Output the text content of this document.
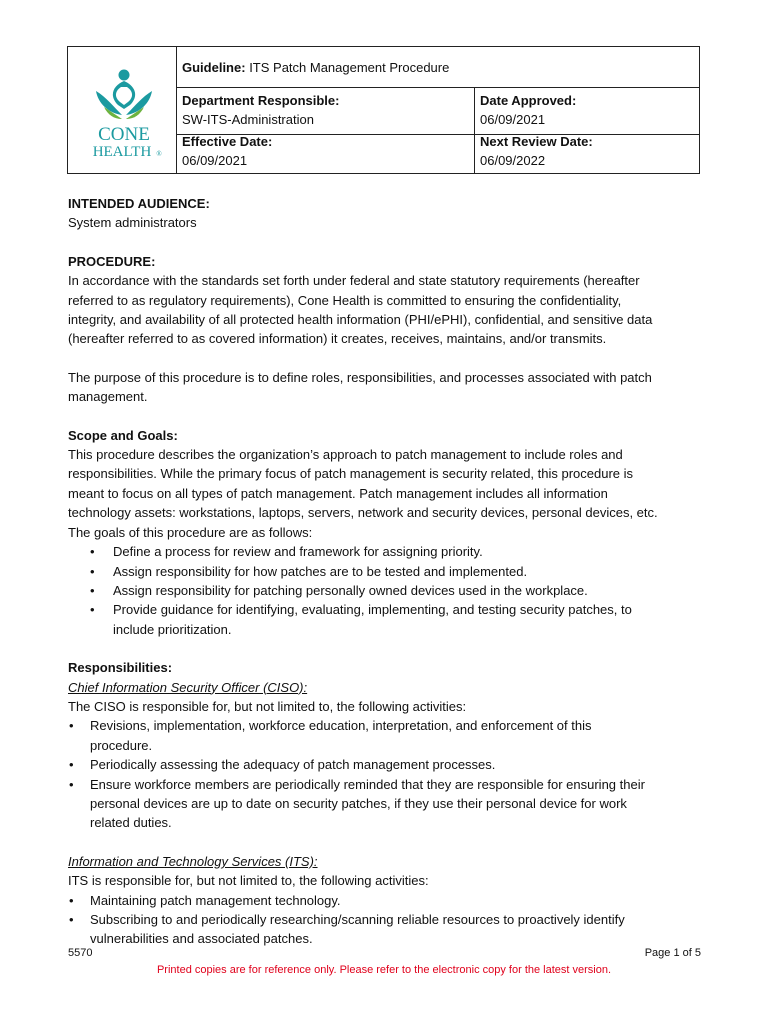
CONE
HEALTH ®
Guideline: ITS Patch Management Procedure
Department Responsible:
SW-ITS-Administration
Date Approved:
06/09/2021
Effective Date:
06/09/2021
Next Review Date:
06/09/2022

INTENDED AUDIENCE:

System administrators

PROCEDURE:

In accordance with the standards set forth under federal and state statutory requirements (hereafter

referred to as regulatory requirements), Cone Health is committed to ensuring the confidentiality,

integrity, and availability of all protected health information (PHI/ePHI), confidential, and sensitive data

(hereafter referred to as covered information) it creates, receives, maintains, and/or transmits.

The purpose of this procedure is to define roles, responsibilities, and processes associated with patch

management.

Scope and Goals:

This procedure describes the organization’s approach to patch management to include roles and

responsibilities. While the primary focus of patch management is security related, this procedure is

meant to focus on all types of patch management. Patch management includes all information

technology assets: workstations, laptops, servers, network and security devices, personal devices, etc.

The goals of this procedure are as follows:

• Define a process for review and framework for assigning priority.
• Assign responsibility for how patches are to be tested and implemented.
• Assign responsibility for patching personally owned devices used in the workplace.
• Provide guidance for identifying, evaluating, implementing, and testing security patches, to
include prioritization.

Responsibilities:

Chief Information Security Officer (CISO):

The CISO is responsible for, but not limited to, the following activities:

• Revisions, implementation, workforce education, interpretation, and enforcement of this
procedure.
• Periodically assessing the adequacy of patch management processes.
• Ensure workforce members are periodically reminded that they are responsible for ensuring their
personal devices are up to date on security patches, if they use their personal device for work
related duties.

Information and Technology Services (ITS):

ITS is responsible for, but not limited to, the following activities:

• Maintaining patch management technology.
• Subscribing to and periodically researching/scanning reliable resources to proactively identify
vulnerabilities and associated patches.
5570	Page 1 of 5
Printed copies are for reference only. Please refer to the electronic copy for the latest version.
